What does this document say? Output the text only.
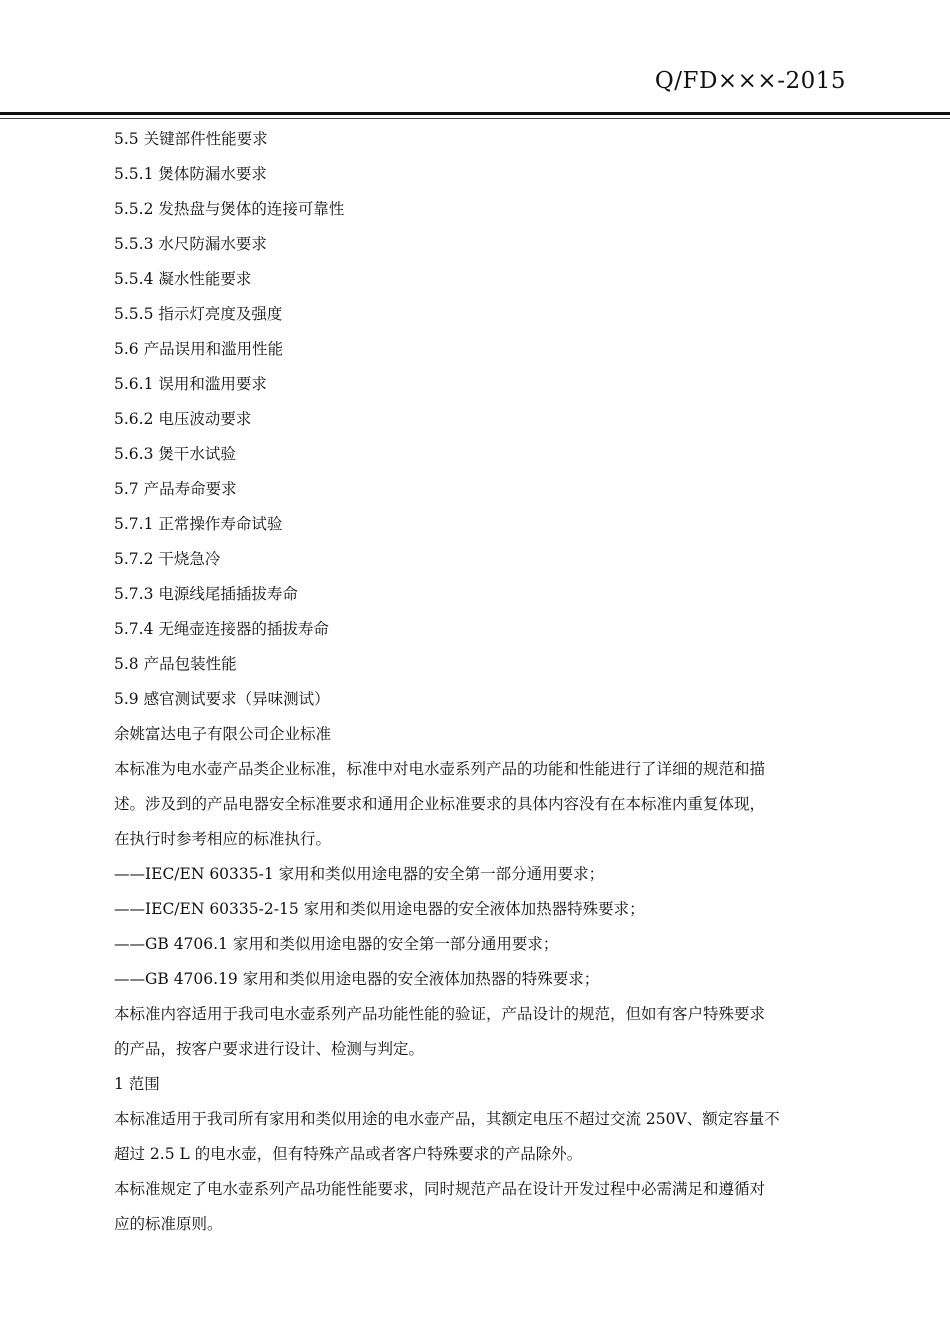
Q/FD×××-2015

5.5 关键部件性能要求

5.5.1 煲体防漏水要求

5.5.2 发热盘与煲体的连接可靠性

5.5.3 水尺防漏水要求

5.5.4 凝水性能要求

5.5.5 指示灯亮度及强度

5.6 产品误用和滥用性能

5.6.1 误用和滥用要求

5.6.2 电压波动要求

5.6.3 煲干水试验

5.7 产品寿命要求

5.7.1 正常操作寿命试验

5.7.2 干烧急冷

5.7.3 电源线尾插插拔寿命

5.7.4 无绳壶连接器的插拔寿命

5.8 产品包装性能

5.9 感官测试要求（异味测试）

余姚富达电子有限公司企业标准

本标准为电水壶产品类企业标准，标准中对电水壶系列产品的功能和性能进行了详细的规范和描

述。涉及到的产品电器安全标准要求和通用企业标准要求的具体内容没有在本标准内重复体现，

在执行时参考相应的标准执行。

——IEC/EN 60335-1 家用和类似用途电器的安全第一部分通用要求；

——IEC/EN 60335-2-15 家用和类似用途电器的安全液体加热器特殊要求；

——GB 4706.1 家用和类似用途电器的安全第一部分通用要求；

——GB 4706.19 家用和类似用途电器的安全液体加热器的特殊要求；

本标准内容适用于我司电水壶系列产品功能性能的验证，产品设计的规范，但如有客户特殊要求

的产品，按客户要求进行设计、检测与判定。

1 范围

本标准适用于我司所有家用和类似用途的电水壶产品，其额定电压不超过交流 250V、额定容量不

超过 2.5 L 的电水壶，但有特殊产品或者客户特殊要求的产品除外。

本标准规定了电水壶系列产品功能性能要求，同时规范产品在设计开发过程中必需满足和遵循对

应的标准原则。
